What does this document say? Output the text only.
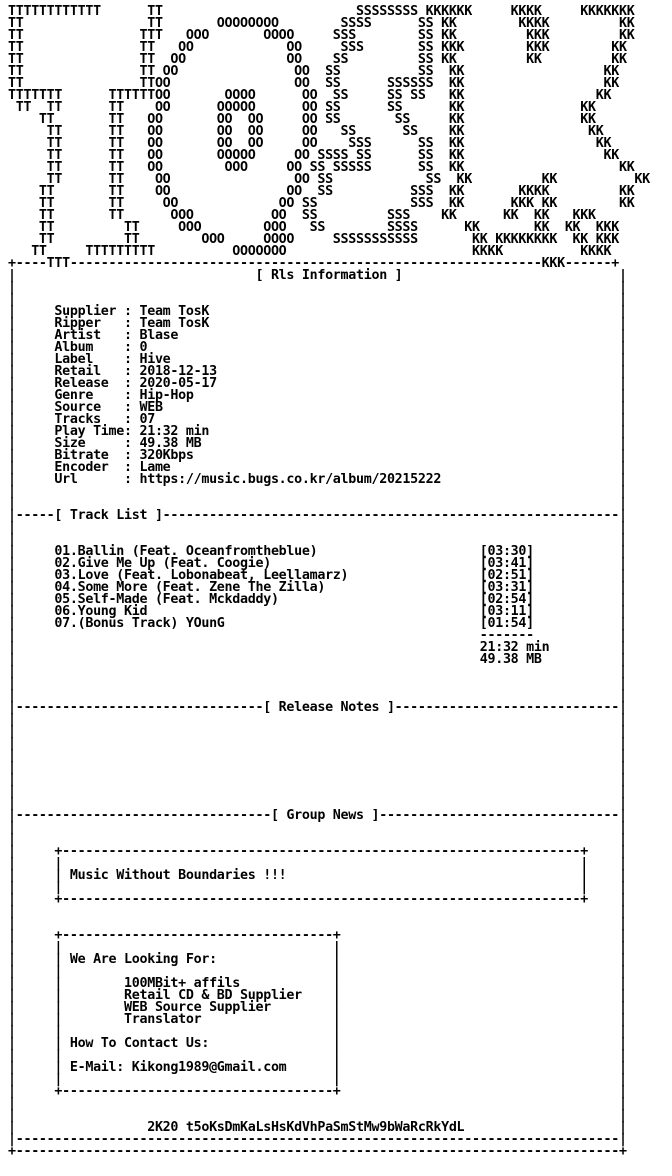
TTTTTTTTTTTT      TT                         SSSSSSSS KKKKKK     KKKK     KKKKKKK
TT                TT       OOOOOOOO        SSSS      SS KK        KKKK         KK
TT               TTT   OOO       OOOO     SSS        SS KK         KKK         KK
TT               TT   OO            OO     SSS       SS KKK        KKK        KK
TT               TT  OO             OO    SS         SS KK         KK         KK
TT               TT OO               OO  SS          SS  KK                  KK
TT               TTOO                OO  SS      SSSSSS  KK                  KK
TTTTTTT      TTTTTTOO       OOOO      OO  SS     SS SS   KK                 KK
TT  TT      TT    OO      OOOOO      OO SS      SS      KK               KK
TT       TT   OO       OO  OO     OO SS       SS     KK               KK
TT      TT   OO       OO  OO     OO   SS      SS    KK                KK
TT      TT   OO       OO  OO     OO    SSS      SS  KK                 KK
TT      TT   OO       OOOOO     OO SSSS SS      SS  KK                  KK
TT      TT   OO        OOO     OO SS SSSSS      SS  KK                    KK
TT      TT    OO                OO SS            SS  KK         KK          KK
TT       TT    OO               OO  SS          SSS  KK       KKKK         KK
TT       TT     OO             OO SS            SSS  KK      KKK KK        KK
TT       TT      OOO          OO  SS         SSS    KK      KK  KK   KKK
TT         TT     OOO        OOO   SS        SSSS      KK       KK  KK  KKK
TT         TT        OOO     OOOO     SSSSSSSSSSS       KK KKKKKKKK  KK KKK
TT     TTTTTTTTT          OOOOOOO                        KKKK          KKKK
+----TTT-------------------------------------------------------------KKK------+
|                               [ Rls Information ]                            |
|                                                                              |
|                                                                              |
|     Supplier : Team TosK                                                     |
|     Ripper   : Team TosK                                                     |
|     Artist   : Blase                                                         |
|     Album    : 0                                                             |
|     Label    : Hive                                                          |
|     Retail   : 2018-12-13                                                    |
|     Release  : 2020-05-17                                                    |
|     Genre    : Hip-Hop                                                       |
|     Source   : WEB                                                           |
|     Tracks   : 07                                                            |
|     Play Time: 21:32 min                                                     |
|     Size     : 49.38 MB                                                      |
|     Bitrate  : 320Kbps                                                       |
|     Encoder  : Lame                                                          |
|     Url      : https://music.bugs.co.kr/album/20215222                       |
|                                                                              |
|                                                                              |
|-----[ Track List ]-----------------------------------------------------------|
|                                                                              |
|                                                                              |
|     01.Ballin (Feat. Oceanfromtheblue)                     [03:30]           |
|     02.Give Me Up (Feat. Coogie)                           [03:41]           |
|     03.Love (Feat. Lobonabeat, Leellamarz)                 [02:51]           |
|     04.Some More (Feat. Zene The Zilla)                    [03:31]           |
|     05.Self-Made (Feat. Mckdaddy)                          [02:54]           |
|     06.Young Kid                                           [03:11]           |
|     07.(Bonus Track) YOunG                                 [01:54]           |
|                                                            -------           |
|                                                            21:32 min         |
|                                                            49.38 MB          |
|                                                                              |
|                                                                              |
|                                                                              |
|--------------------------------[ Release Notes ]-----------------------------|
|                                                                              |
|                                                                              |
|                                                                              |
|                                                                              |
|                                                                              |
|                                                                              |
|                                                                              |
|                                                                              |
|---------------------------------[ Group News ]-------------------------------|
|                                                                              |
|                                                                              |
|     +-------------------------------------------------------------------+    |
|     |                                                                   |    |
|     | Music Without Boundaries !!!                                      |    |
|     |                                                                   |    |
|     +-------------------------------------------------------------------+    |
|                                                                              |
|                                                                              |
|     +-----------------------------------+                                    |
|     |                                   |                                    |
|     | We Are Looking For:               |                                    |
|     |                                   |                                    |
|     |        100MBit+ affils            |                                    |
|     |        Retail CD & BD Supplier    |                                    |
|     |        WEB Source Supplier        |                                    |
|     |        Translator                 |                                    |
|     |                                   |                                    |
|     | How To Contact Us:                |                                    |
|     |                                   |                                    |
|     | E-Mail: Kikong1989@Gmail.com      |                                    |
|     |                                   |                                    |
|     +-----------------------------------+                                    |
|                                                                              |
|                                                                              |
|                 2K20 t5oKsDmKaLsHsKdVhPaSmStMw9bWaRcRkYdL                    |
|------------------------------------------------------------------------------|
+------------------------------------------------------------------------------+
